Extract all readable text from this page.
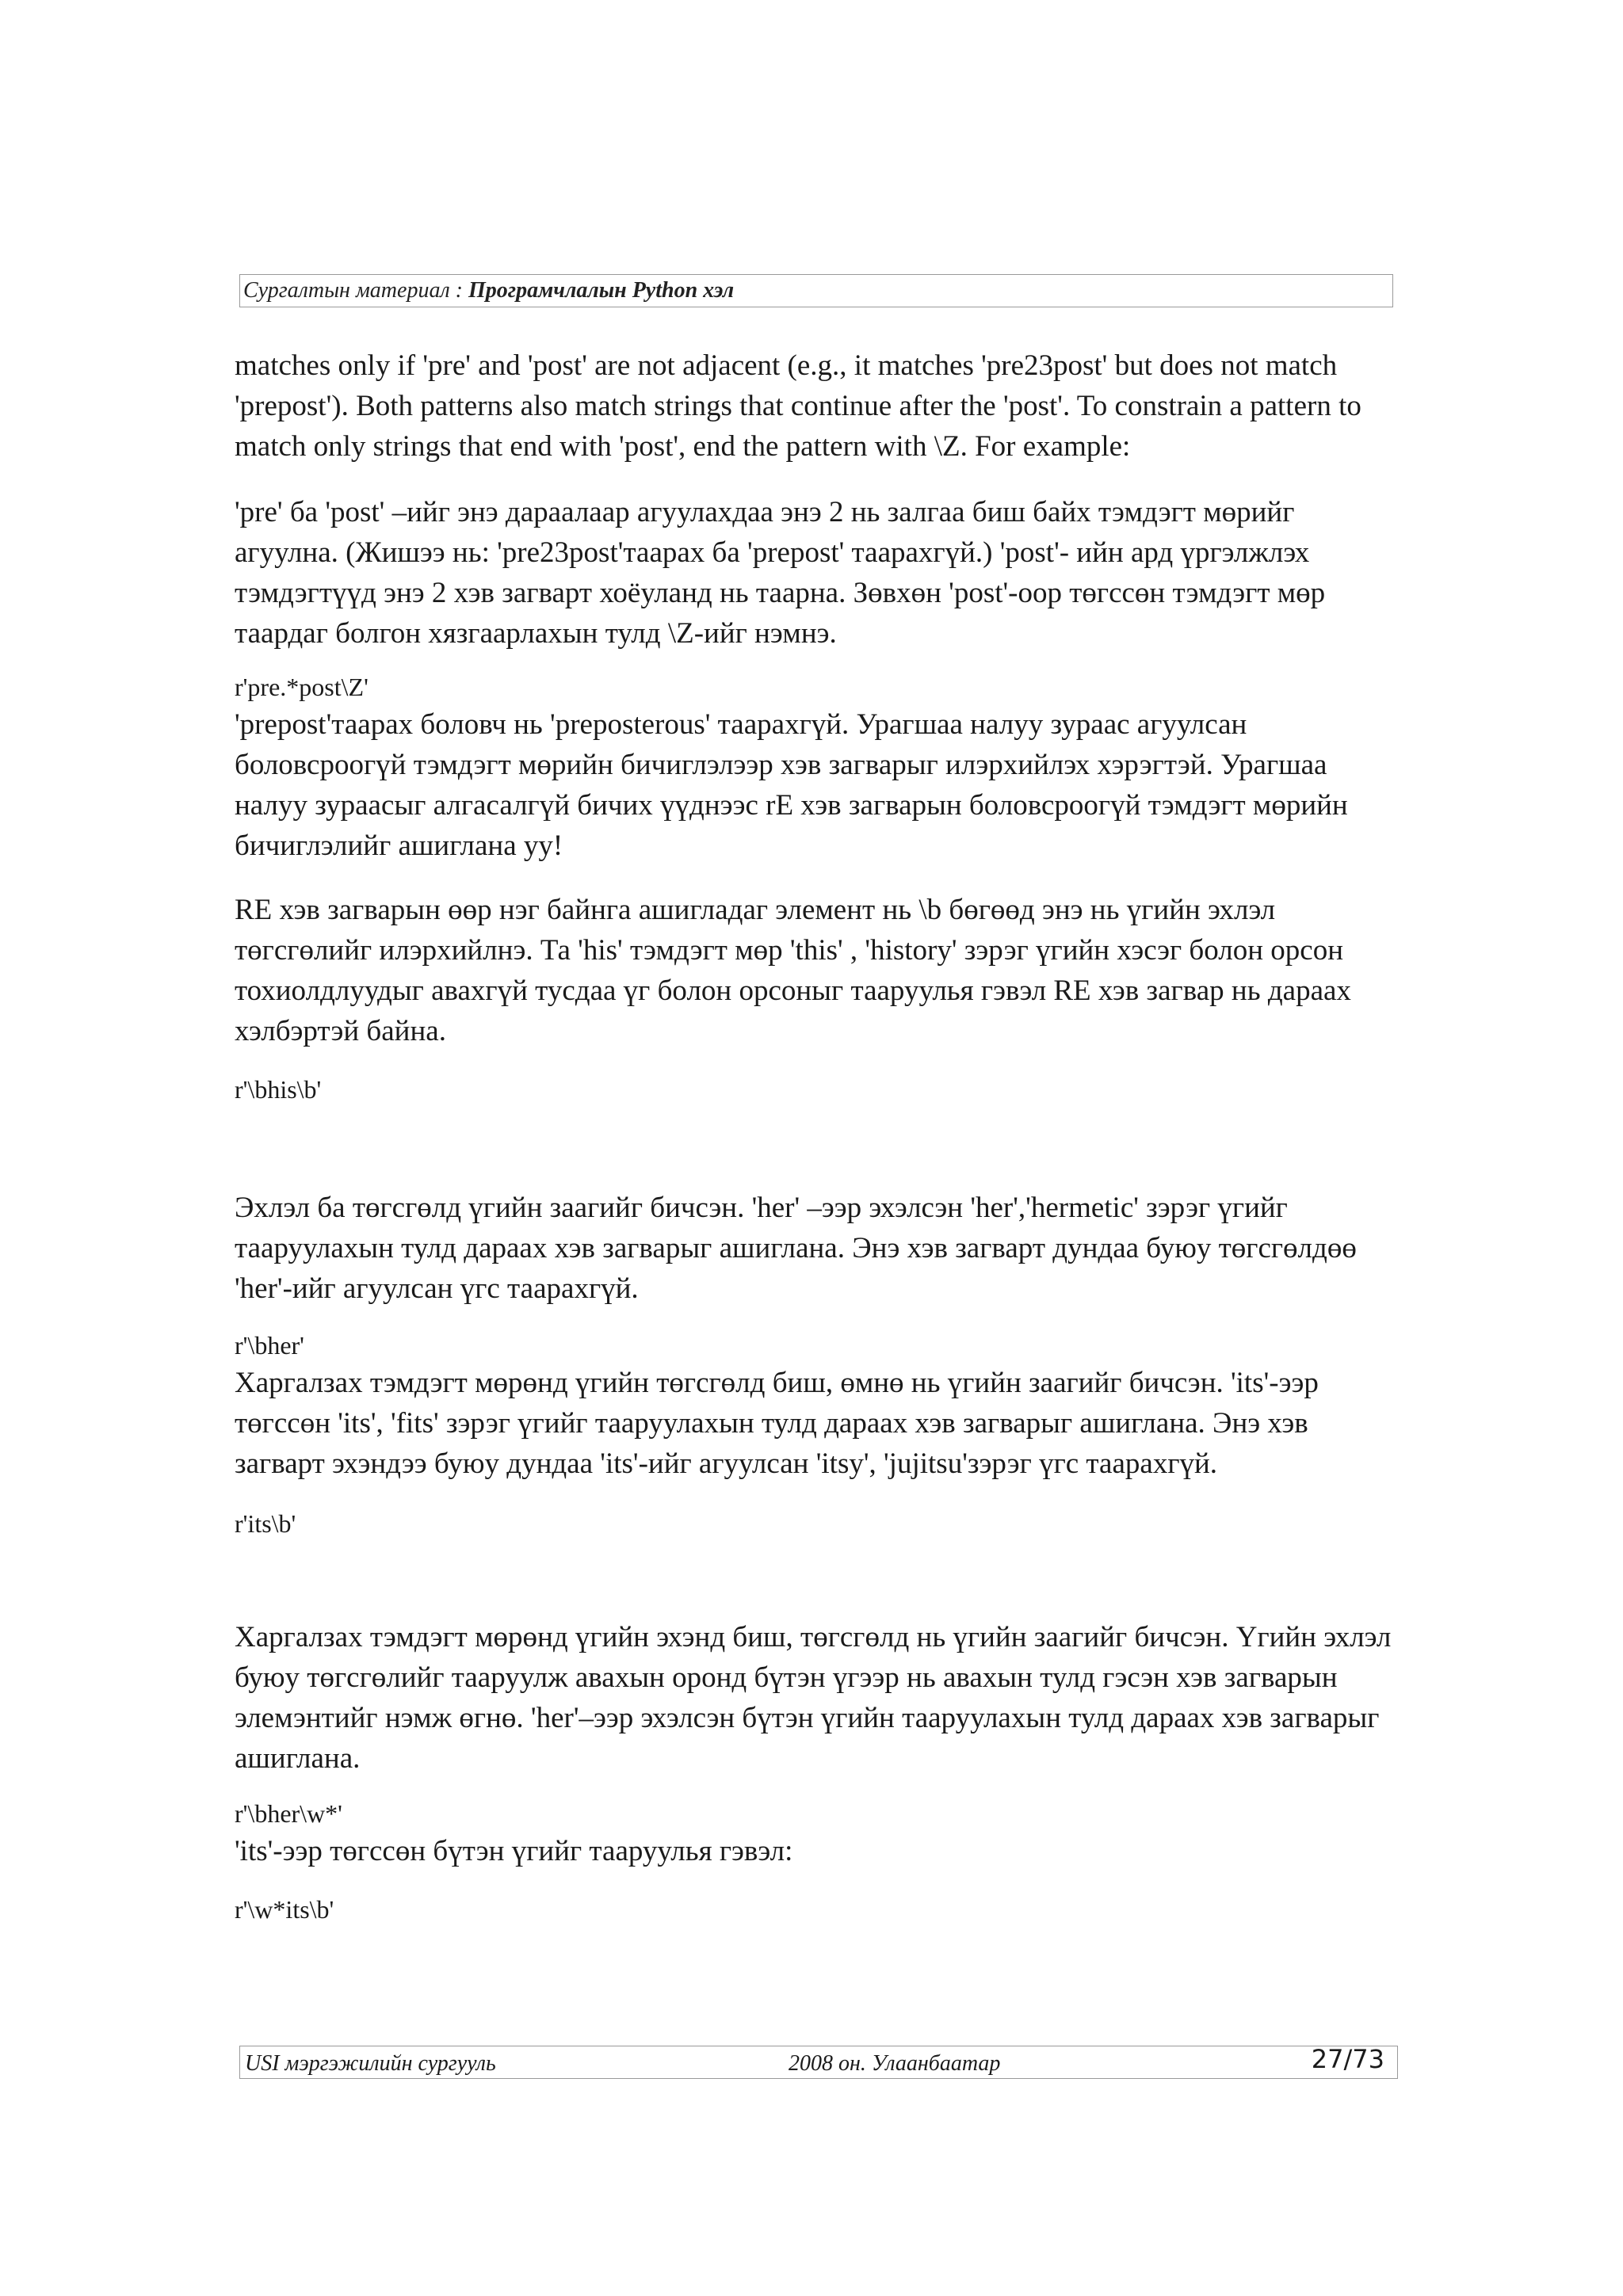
Сургалтын материал : Програмчлалын Python хэл

matches only if 'pre' and 'post' are not adjacent (e.g., it matches 'pre23post' but does not match 'prepost'). Both patterns also match strings that continue after the 'post'. To constrain a pattern to match only strings that end with 'post', end the pattern with \Z. For example:

'pre' ба 'post' –ийг энэ дараалаар агуулахдаа энэ 2 нь залгаа биш байх тэмдэгт мөрийг агуулна. (Жишээ нь: 'pre23post'таарах ба 'prepost' таарахгүй.) 'post'- ийн ард үргэлжлэх тэмдэгтүүд энэ 2 хэв загварт хоёуланд нь таарна. Зөвхөн 'post'-оор төгссөн тэмдэгт мөр таардаг болгон хязгаарлахын тулд \Z-ийг нэмнэ.

r'pre.*post\Z'

'prepost'таарах боловч нь 'preposterous' таарахгүй. Урагшаа налуу зураас агуулсан боловсроогүй тэмдэгт мөрийн бичиглэлээр хэв загварыг илэрхийлэх хэрэгтэй. Урагшаа налуу зураасыг алгасалгүй бичих үүднээс rE хэв загварын боловсроогүй тэмдэгт мөрийн бичиглэлийг ашиглана уу!

RE хэв загварын өөр нэг байнга ашигладаг элемент нь \b бөгөөд энэ нь үгийн эхлэл төгсгөлийг илэрхийлнэ. Та 'his' тэмдэгт мөр 'this' , 'history' зэрэг үгийн хэсэг болон орсон тохиолдлуудыг авахгүй тусдаа үг болон орсоныг тааруулья гэвэл RE хэв загвар нь дараах хэлбэртэй байна.

r'\bhis\b'

Эхлэл ба төгсгөлд үгийн заагийг бичсэн. 'her' –ээр эхэлсэн 'her','hermetic' зэрэг үгийг тааруулахын тулд дараах хэв загварыг ашиглана. Энэ хэв загварт дундаа буюу төгсгөлдөө 'her'-ийг агуулсан үгс таарахгүй.

r'\bher'

Харгалзах тэмдэгт мөрөнд үгийн төгсгөлд биш, өмнө нь үгийн заагийг бичсэн. 'its'-ээр төгссөн 'its', 'fits' зэрэг үгийг тааруулахын тулд дараах хэв загварыг ашиглана. Энэ хэв загварт эхэндээ буюу дундаа 'its'-ийг агуулсан 'itsy', 'jujitsu'зэрэг үгс таарахгүй.

r'its\b'

Харгалзах тэмдэгт мөрөнд үгийн эхэнд биш, төгсгөлд нь үгийн заагийг бичсэн. Үгийн эхлэл буюу төгсгөлийг тааруулж авахын оронд бүтэн үгээр нь авахын тулд гэсэн хэв загварын элемэнтийг нэмж өгнө. 'her'–ээр эхэлсэн бүтэн үгийн тааруулахын тулд дараах хэв загварыг ашиглана.

r'\bher\w*'

'its'-ээр төгссөн бүтэн үгийг тааруулья гэвэл:

r'\w*its\b'

USI мэргэжилийн сургууль	2008 он. Улаанбаатар	27/73
